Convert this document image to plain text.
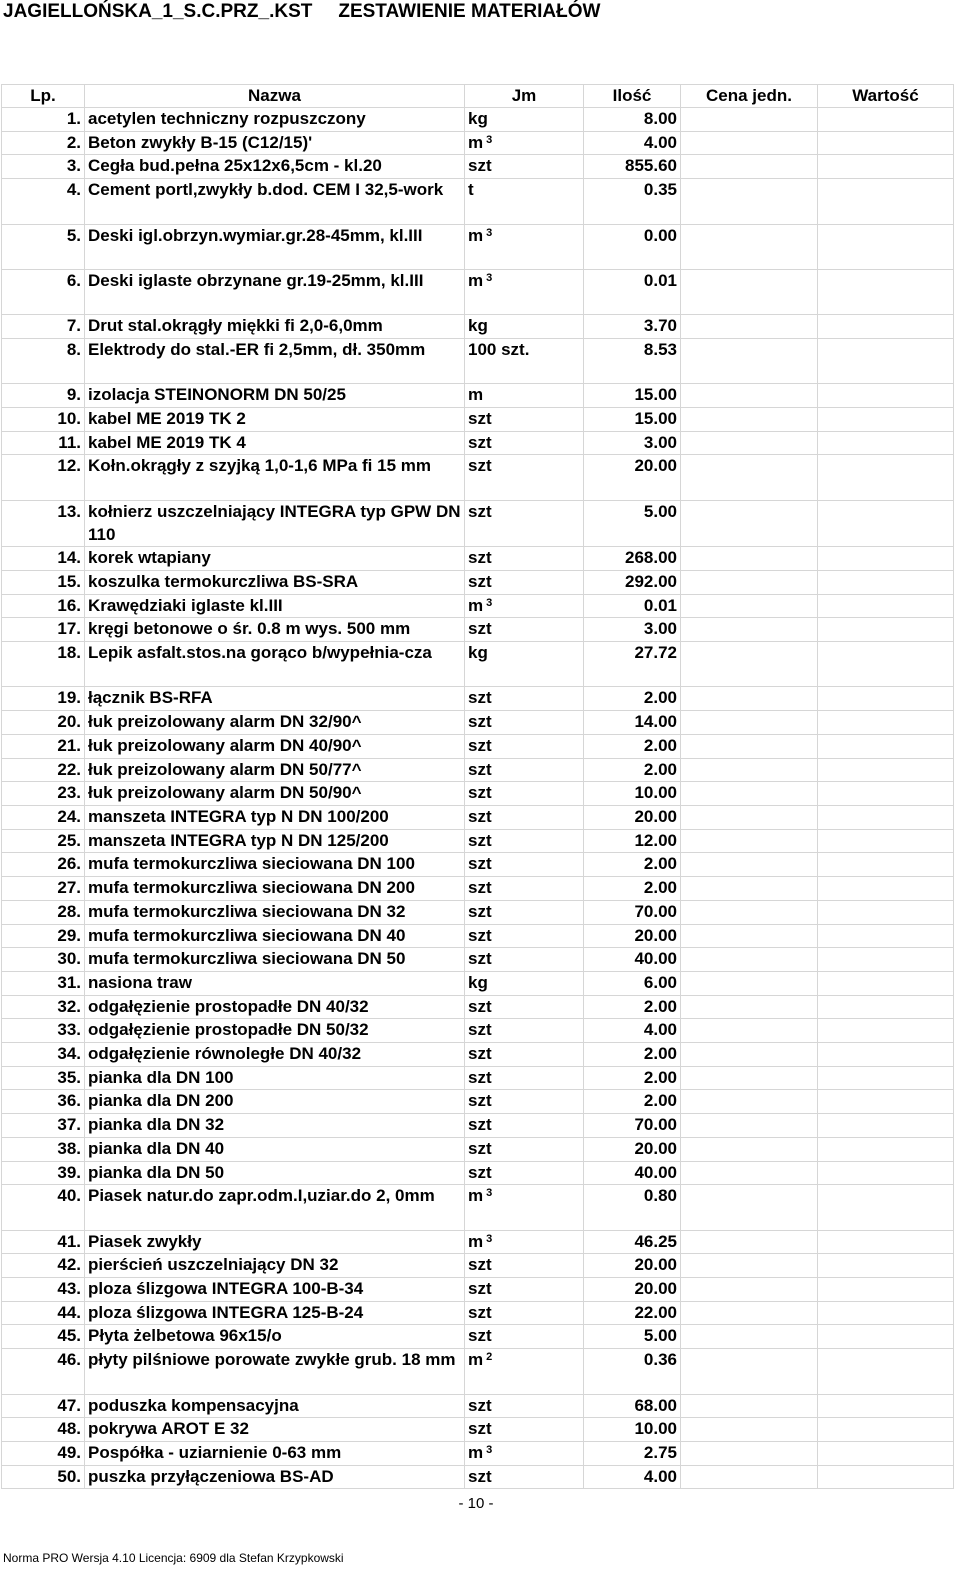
JAGIELLOŃSKA_1_S.C.PRZ_.KST ZESTAWIENIE MATERIAŁÓW
Lp.	Nazwa	Jm	Ilość	Cena jedn.	Wartość
1.	acetylen techniczny rozpuszczony	kg	8.00		
2.	Beton zwykły B-15 (C12/15)'	m $^3$	4.00		
3.	Cegła bud.pełna 25x12x6,5cm - kl.20	szt	855.60		
4.	Cement portl,zwykły b.dod. CEM I 32,5-work	t	0.35		
5.	Deski igl.obrzyn.wymiar.gr.28-45mm, kl.III	m $^3$	0.00		
6.	Deski iglaste obrzynane gr.19-25mm, kl.III	m $^3$	0.01		
7.	Drut stal.okrągły miękki fi 2,0-6,0mm	kg	3.70		
8.	Elektrody do stal.-ER fi 2,5mm, dł. 350mm	100 szt.	8.53		
9.	izolacja STEINONORM DN 50/25	m	15.00		
10.	kabel ME 2019 TK 2	szt	15.00		
11.	kabel ME 2019 TK 4	szt	3.00		
12.	Kołn.okrągły z szyjką 1,0-1,6 MPa fi 15 mm	szt	20.00		
13.	kołnierz uszczelniający INTEGRA typ GPW DN 110	szt	5.00		
14.	korek wtapiany	szt	268.00		
15.	koszulka termokurczliwa BS-SRA	szt	292.00		
16.	Krawędziaki iglaste kl.III	m $^3$	0.01		
17.	kręgi betonowe o śr. 0.8 m wys. 500 mm	szt	3.00		
18.	Lepik asfalt.stos.na gorąco b/wypełnia-cza	kg	27.72		
19.	łącznik BS-RFA	szt	2.00		
20.	łuk preizolowany alarm DN 32/90^	szt	14.00		
21.	łuk preizolowany alarm DN 40/90^	szt	2.00		
22.	łuk preizolowany alarm DN 50/77^	szt	2.00		
23.	łuk preizolowany alarm DN 50/90^	szt	10.00		
24.	manszeta INTEGRA typ N DN 100/200	szt	20.00		
25.	manszeta INTEGRA typ N DN 125/200	szt	12.00		
26.	mufa termokurczliwa sieciowana DN 100	szt	2.00		
27.	mufa termokurczliwa sieciowana DN 200	szt	2.00		
28.	mufa termokurczliwa sieciowana DN 32	szt	70.00		
29.	mufa termokurczliwa sieciowana DN 40	szt	20.00		
30.	mufa termokurczliwa sieciowana DN 50	szt	40.00		
31.	nasiona traw	kg	6.00		
32.	odgałęzienie prostopadłe DN 40/32	szt	2.00		
33.	odgałęzienie prostopadłe DN 50/32	szt	4.00		
34.	odgałęzienie równoległe DN 40/32	szt	2.00		
35.	pianka dla DN 100	szt	2.00		
36.	pianka dla DN 200	szt	2.00		
37.	pianka dla DN 32	szt	70.00		
38.	pianka dla DN 40	szt	20.00		
39.	pianka dla DN 50	szt	40.00		
40.	Piasek natur.do zapr.odm.I,uziar.do 2, 0mm	m $^3$	0.80		
41.	Piasek zwykły	m $^3$	46.25		
42.	pierścień uszczelniający DN 32	szt	20.00		
43.	ploza ślizgowa INTEGRA 100-B-34	szt	20.00		
44.	ploza ślizgowa INTEGRA 125-B-24	szt	22.00		
45.	Płyta żelbetowa 96x15/o	szt	5.00		
46.	płyty pilśniowe porowate zwykłe grub. 18 mm	m $^2$	0.36		
47.	poduszka kompensacyjna	szt	68.00		
48.	pokrywa AROT E 32	szt	10.00		
49.	Pospółka - uziarnienie 0-63 mm	m $^3$	2.75		
50.	puszka przyłączeniowa BS-AD	szt	4.00		
- 10 -
Norma PRO Wersja 4.10 Licencja: 6909 dla Stefan Krzypkowski
